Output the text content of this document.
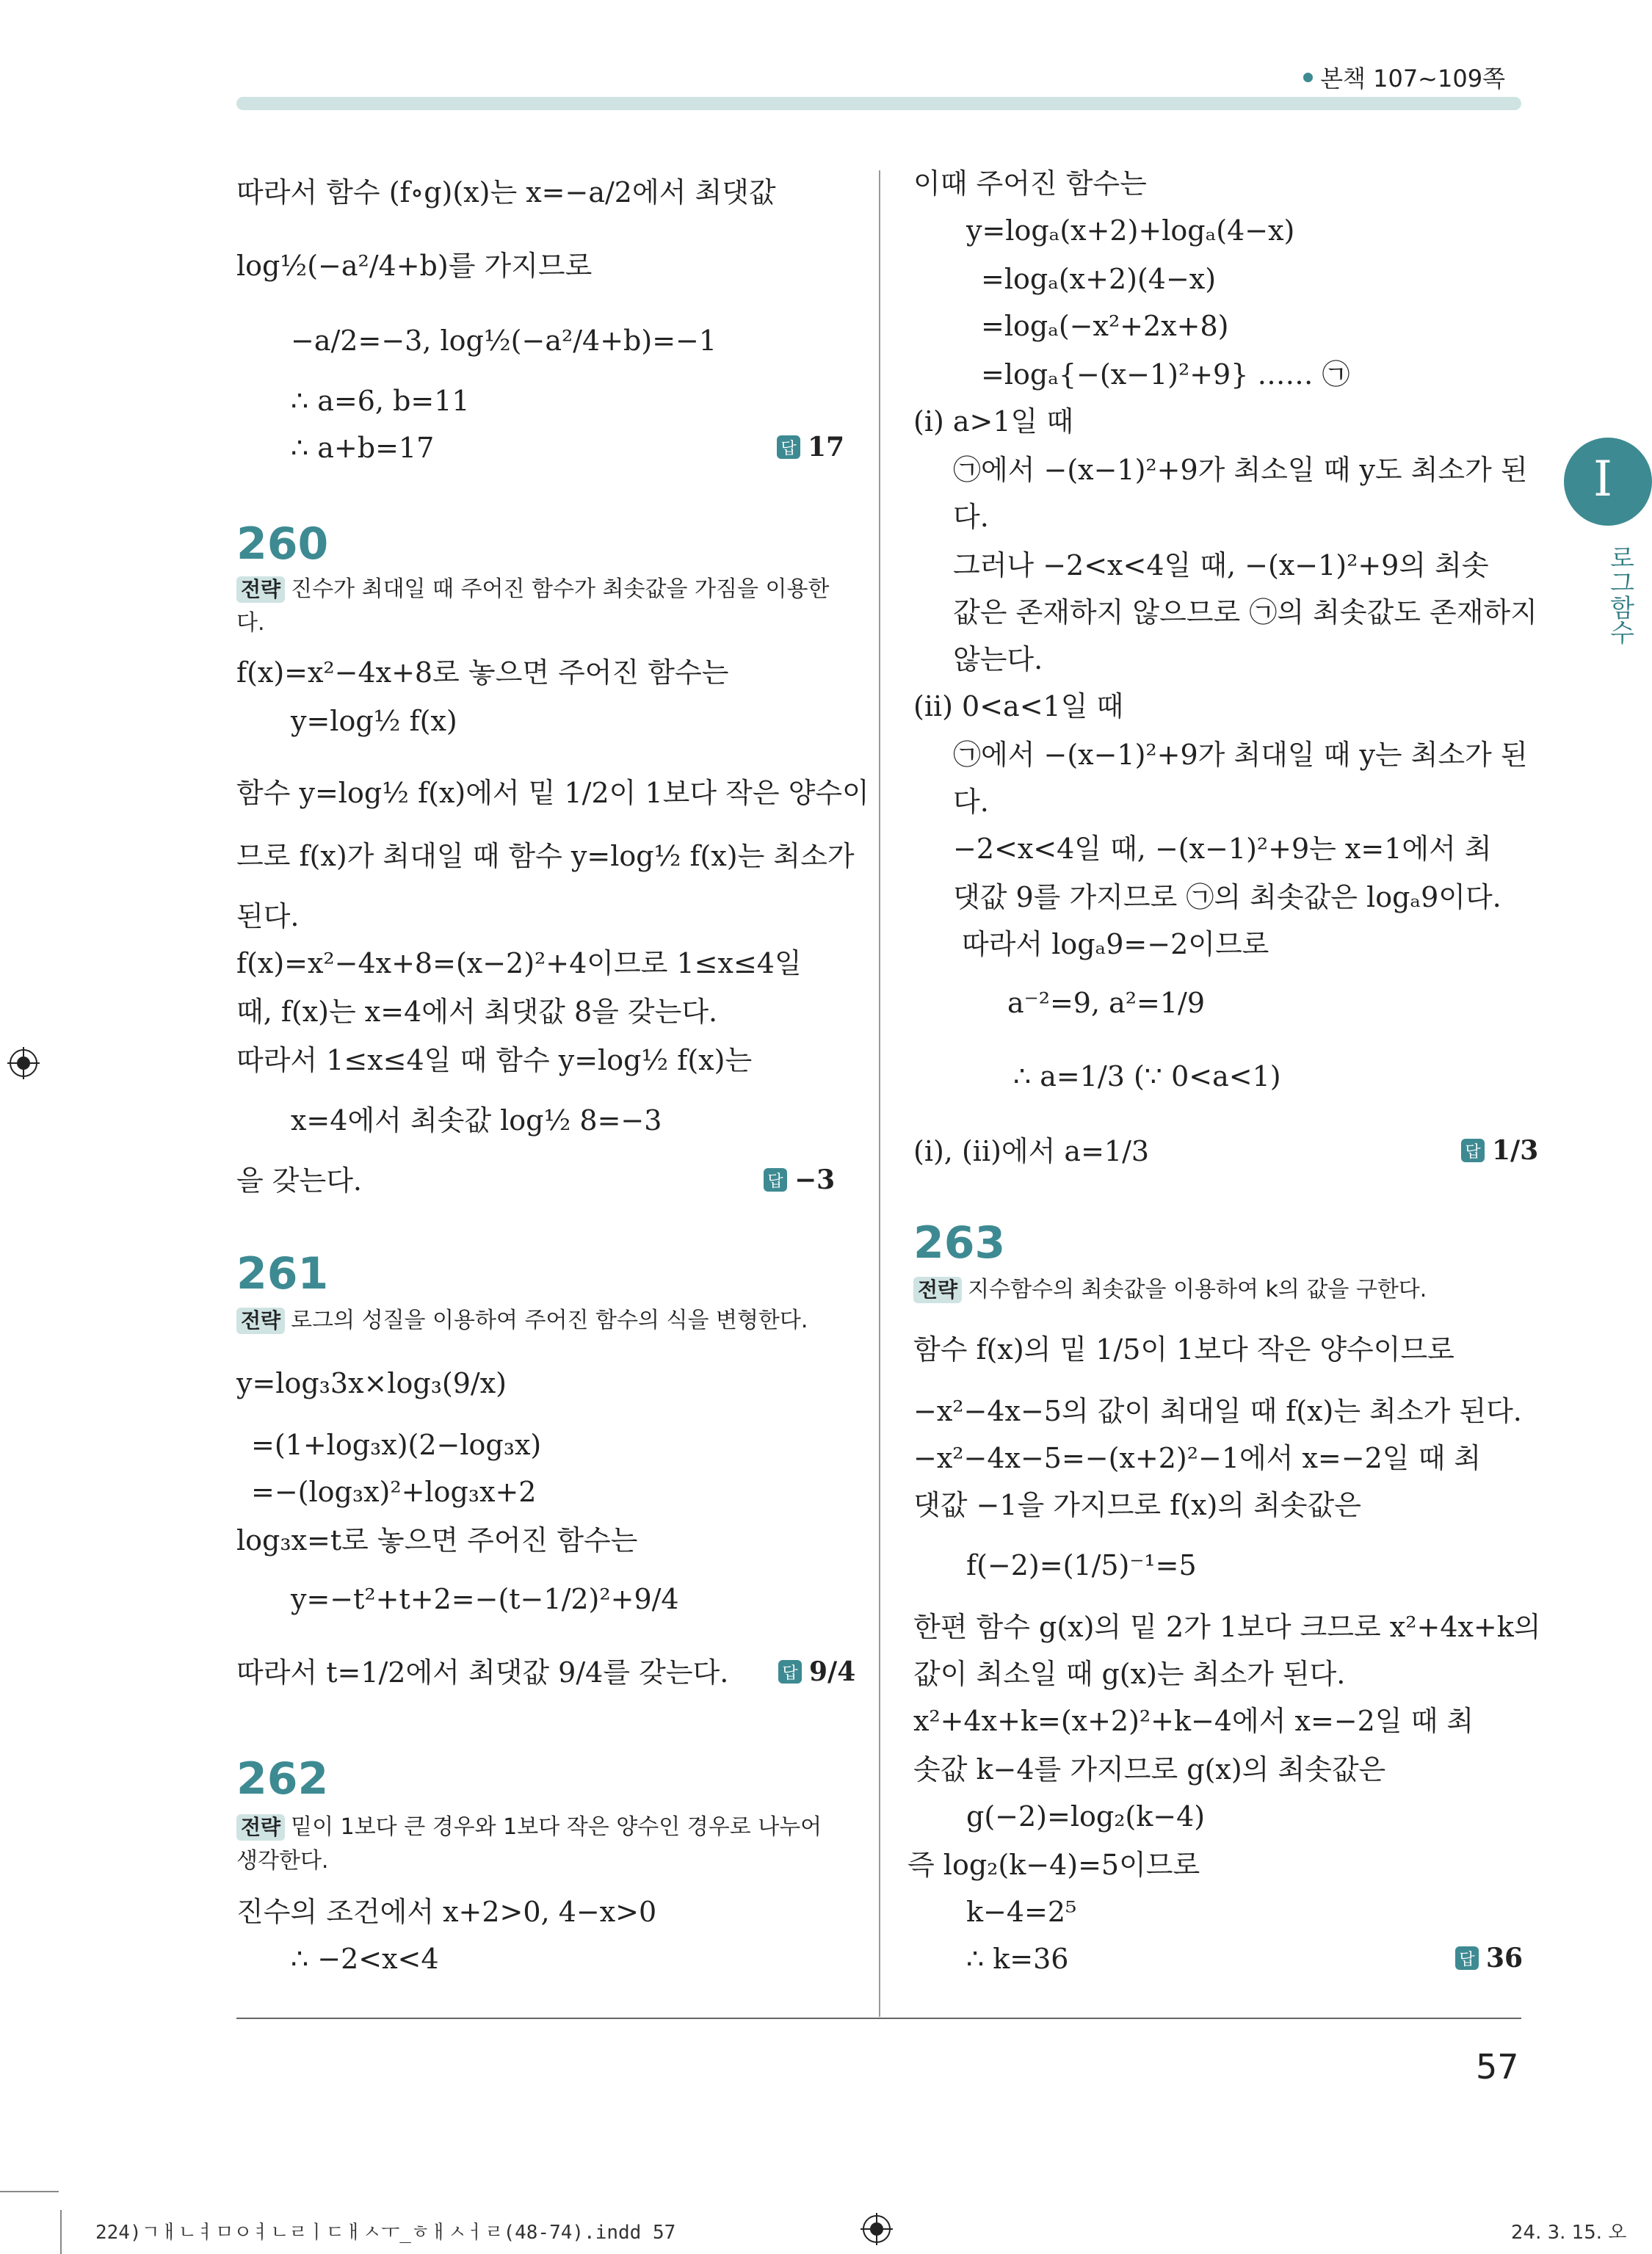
본책 107~109쪽
I
로그함수
57
따라서 함수 (f∘g)(x)는 x=−a/2에서 최댓값
log½(−a²/4+b)를 가지므로
−a/2=−3, log½(−a²/4+b)=−1
∴ a=6, b=11
∴ a+b=17	답 17
260
전략 진수가 최대일 때 주어진 함수가 최솟값을 가짐을 이용한다.
f(x)=x²−4x+8로 놓으면 주어진 함수는
y=log½ f(x)
함수 y=log½ f(x)에서 밑 1/2이 1보다 작은 양수이
므로 f(x)가 최대일 때 함수 y=log½ f(x)는 최소가
된다.
f(x)=x²−4x+8=(x−2)²+4이므로 1≤x≤4일
때, f(x)는 x=4에서 최댓값 8을 갖는다.
따라서 1≤x≤4일 때 함수 y=log½ f(x)는
x=4에서 최솟값 log½ 8=−3
을 갖는다.	답 −3
261
전략 로그의 성질을 이용하여 주어진 함수의 식을 변형한다.
y=log₃3x×log₃(9/x)
=(1+log₃x)(2−log₃x)
=−(log₃x)²+log₃x+2
log₃x=t로 놓으면 주어진 함수는
y=−t²+t+2=−(t−1/2)²+9/4
따라서 t=1/2에서 최댓값 9/4를 갖는다.	답 9/4
262
전략 밑이 1보다 큰 경우와 1보다 작은 양수인 경우로 나누어 생각한다.
진수의 조건에서 x+2>0, 4−x>0
∴ −2<x<4
이때 주어진 함수는
y=logₐ(x+2)+logₐ(4−x)
=logₐ(x+2)(4−x)
=logₐ(−x²+2x+8)
=logₐ{−(x−1)²+9} …… ㉠
(i) a>1일 때
㉠에서 −(x−1)²+9가 최소일 때 y도 최소가 된
다.
그러나 −2<x<4일 때, −(x−1)²+9의 최솟
값은 존재하지 않으므로 ㉠의 최솟값도 존재하지
않는다.
(ii) 0<a<1일 때
㉠에서 −(x−1)²+9가 최대일 때 y는 최소가 된
다.
−2<x<4일 때, −(x−1)²+9는 x=1에서 최
댓값 9를 가지므로 ㉠의 최솟값은 logₐ9이다.
따라서 logₐ9=−2이므로
a⁻²=9, a²=1/9
∴ a=1/3 (∵ 0<a<1)
(i), (ii)에서 a=1/3	답 1/3
263
전략 지수함수의 최솟값을 이용하여 k의 값을 구한다.
함수 f(x)의 밑 1/5이 1보다 작은 양수이므로
−x²−4x−5의 값이 최대일 때 f(x)는 최소가 된다.
−x²−4x−5=−(x+2)²−1에서 x=−2일 때 최
댓값 −1을 가지므로 f(x)의 최솟값은
f(−2)=(1/5)⁻¹=5
한편 함수 g(x)의 밑 2가 1보다 크므로 x²+4x+k의
값이 최소일 때 g(x)는 최소가 된다.
x²+4x+k=(x+2)²+k−4에서 x=−2일 때 최
솟값 k−4를 가지므로 g(x)의 최솟값은
g(−2)=log₂(k−4)
즉 log₂(k−4)=5이므로
k−4=2⁵
∴ k=36	답 36
224)ㄱㅐㄴㅕㅁㅇㅕㄴㄹㅣㄷㅐㅅㅜ_ㅎㅐㅅㅓㄹ(48-74).indd 57	24. 3. 15. 오
